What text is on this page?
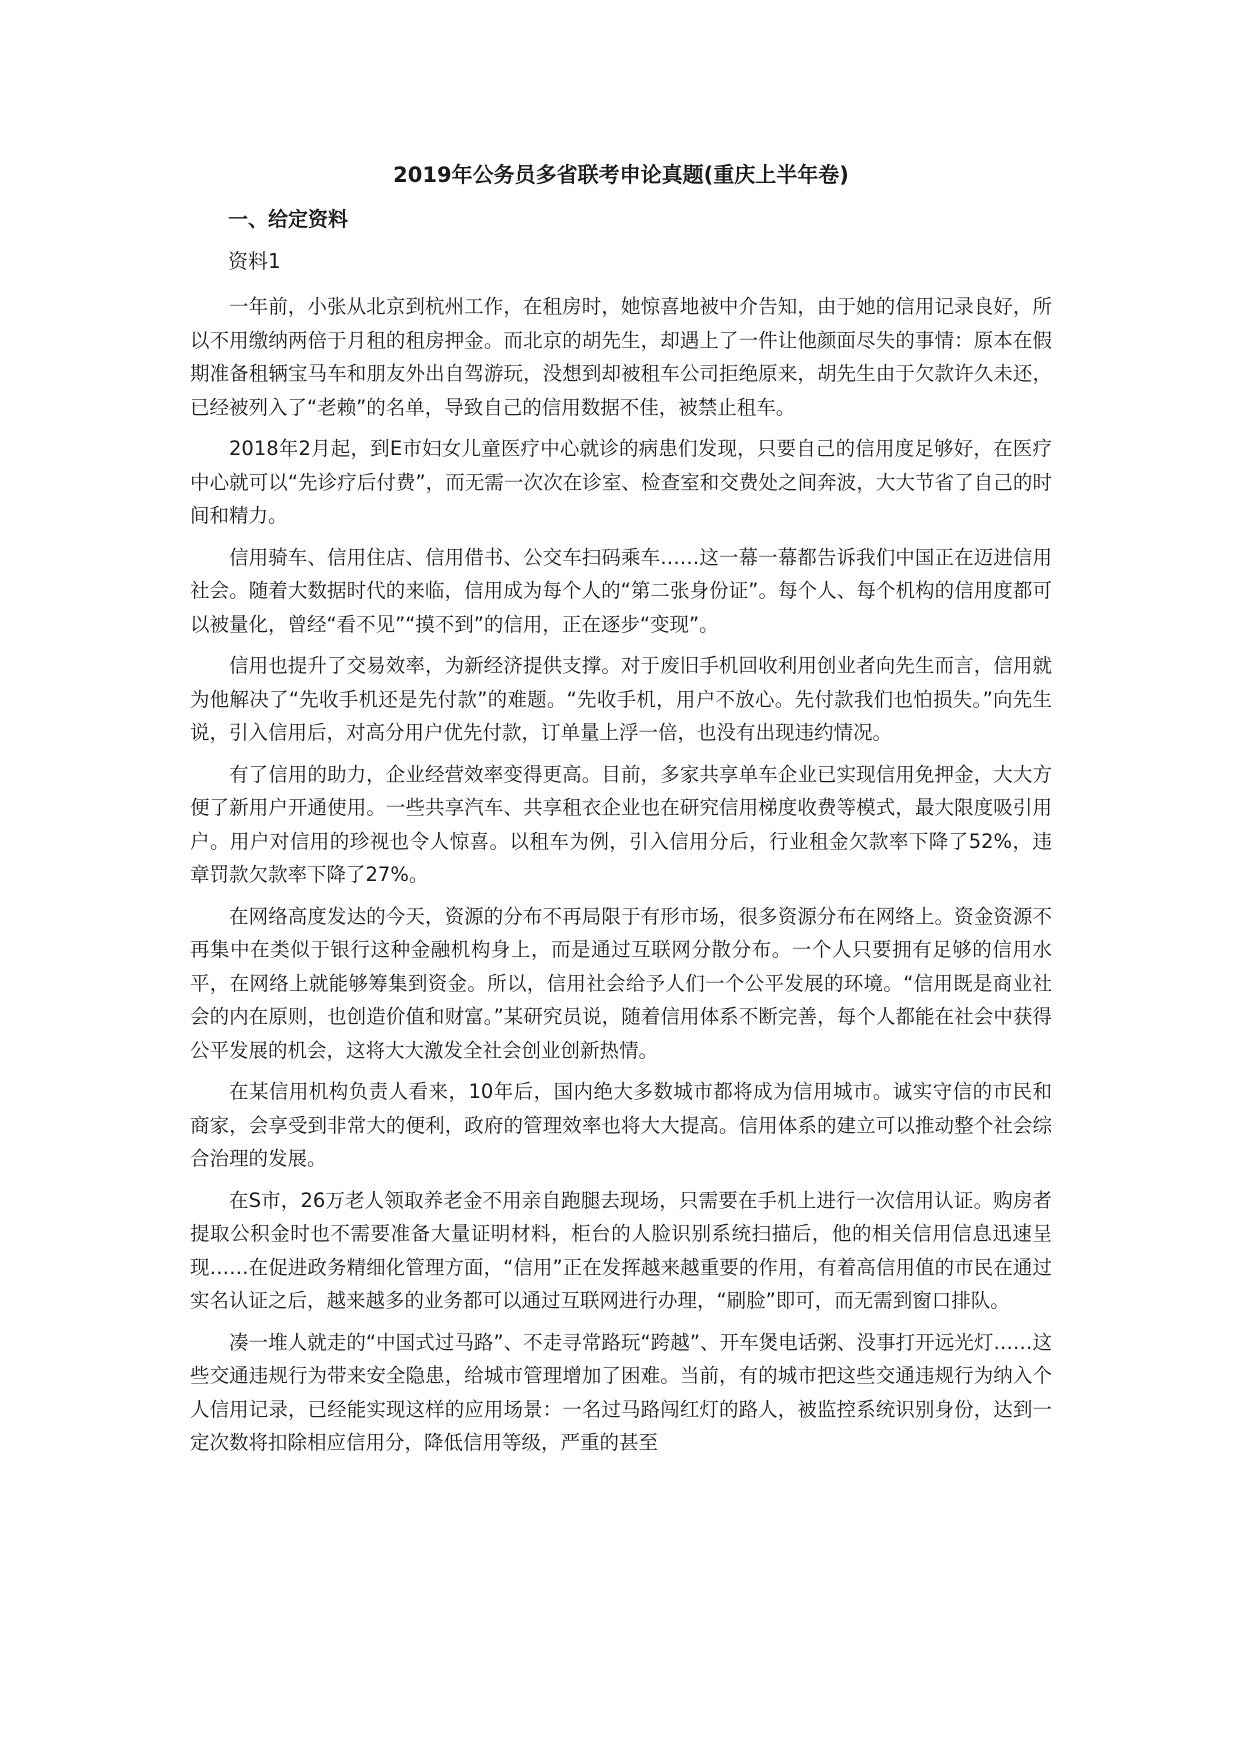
2019年公务员多省联考申论真题(重庆上半年卷)
一、给定资料
资料1

一年前，小张从北京到杭州工作，在租房时，她惊喜地被中介告知，由于她的信用记录良好，所以不用缴纳两倍于月租的租房押金。而北京的胡先生，却遇上了一件让他颜面尽失的事情：原本在假期准备租辆宝马车和朋友外出自驾游玩，没想到却被租车公司拒绝原来，胡先生由于欠款许久未还，已经被列入了“老赖”的名单，导致自己的信用数据不佳，被禁止租车。

2018年2月起，到E市妇女儿童医疗中心就诊的病患们发现，只要自己的信用度足够好，在医疗中心就可以“先诊疗后付费”，而无需一次次在诊室、检查室和交费处之间奔波，大大节省了自己的时间和精力。

信用骑车、信用住店、信用借书、公交车扫码乘车……这一幕一幕都告诉我们中国正在迈进信用社会。随着大数据时代的来临，信用成为每个人的“第二张身份证”。每个人、每个机构的信用度都可以被量化，曾经“看不见”“摸不到”的信用，正在逐步“变现”。

信用也提升了交易效率，为新经济提供支撑。对于废旧手机回收利用创业者向先生而言，信用就为他解决了“先收手机还是先付款”的难题。“先收手机，用户不放心。先付款我们也怕损失。”向先生说，引入信用后，对高分用户优先付款，订单量上浮一倍，也没有出现违约情况。

有了信用的助力，企业经营效率变得更高。目前，多家共享单车企业已实现信用免押金，大大方便了新用户开通使用。一些共享汽车、共享租衣企业也在研究信用梯度收费等模式，最大限度吸引用户。用户对信用的珍视也令人惊喜。以租车为例，引入信用分后，行业租金欠款率下降了52%，违章罚款欠款率下降了27%。

在网络高度发达的今天，资源的分布不再局限于有形市场，很多资源分布在网络上。资金资源不再集中在类似于银行这种金融机构身上，而是通过互联网分散分布。一个人只要拥有足够的信用水平，在网络上就能够筹集到资金。所以，信用社会给予人们一个公平发展的环境。“信用既是商业社会的内在原则，也创造价值和财富。”某研究员说，随着信用体系不断完善，每个人都能在社会中获得公平发展的机会，这将大大激发全社会创业创新热情。

在某信用机构负责人看来，10年后，国内绝大多数城市都将成为信用城市。诚实守信的市民和商家，会享受到非常大的便利，政府的管理效率也将大大提高。信用体系的建立可以推动整个社会综合治理的发展。

在S市，26万老人领取养老金不用亲自跑腿去现场，只需要在手机上进行一次信用认证。购房者提取公积金时也不需要准备大量证明材料，柜台的人脸识别系统扫描后，他的相关信用信息迅速呈现……在促进政务精细化管理方面，“信用”正在发挥越来越重要的作用，有着高信用值的市民在通过实名认证之后，越来越多的业务都可以通过互联网进行办理，“刷脸”即可，而无需到窗口排队。

凑一堆人就走的“中国式过马路”、不走寻常路玩“跨越”、开车煲电话粥、没事打开远光灯……这些交通违规行为带来安全隐患，给城市管理增加了困难。当前，有的城市把这些交通违规行为纳入个人信用记录，已经能实现这样的应用场景：一名过马路闯红灯的路人，被监控系统识别身份，达到一定次数将扣除相应信用分，降低信用等级，严重的甚至
